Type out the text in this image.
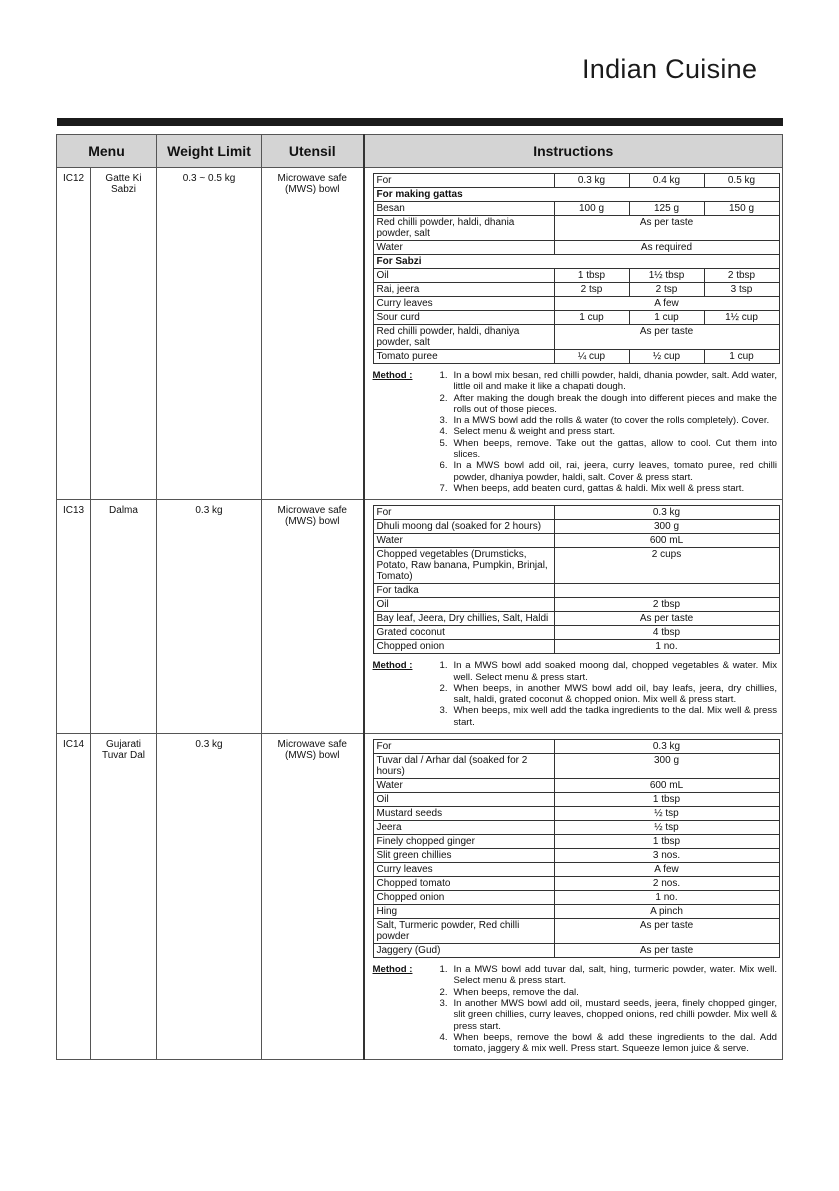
Indian Cuisine
Menu	Weight Limit	Utensil	Instructions
IC12	Gatte Ki Sabzi	0.3 ~ 0.5 kg	Microwave safe (MWS) bowl	
For	0.3 kg	0.4 kg	0.5 kg
For making gattas
Besan	100 g	125 g	150 g
Red chilli powder, haldi, dhania powder, salt	As per taste
Water	As required
For Sabzi
Oil	1 tbsp	1½ tbsp	2 tbsp
Rai, jeera	2 tsp	2 tsp	3 tsp
Curry leaves	A few
Sour curd	1 cup	1 cup	1½ cup
Red chilli powder, haldi, dhaniya powder, salt	As per taste
Tomato puree	¼ cup	½ cup	1 cup
Method :	1. In a bowl mix besan, red chilli powder, haldi, dhania powder, salt. Add water, little oil and make it like a chapati dough.
2. After making the dough break the dough into different pieces and make the rolls out of those pieces.
3. In a MWS bowl add the rolls & water (to cover the rolls completely). Cover.
4. Select menu & weight and press start.
5. When beeps, remove. Take out the gattas, allow to cool. Cut them into slices.
6. In a MWS bowl add oil, rai, jeera, curry leaves, tomato puree, red chilli powder, dhaniya powder, haldi, salt. Cover & press start.
7. When beeps, add beaten curd, gattas & haldi. Mix well & press start.

IC13	Dalma	0.3 kg	Microwave safe (MWS) bowl	
For	0.3 kg
Dhuli moong dal (soaked for 2 hours)	300 g
Water	600 mL
Chopped vegetables (Drumsticks, Potato, Raw banana, Pumpkin, Brinjal, Tomato)	2 cups
For tadka	
Oil	2 tbsp
Bay leaf, Jeera, Dry chillies, Salt, Haldi	As per taste
Grated coconut	4 tbsp
Chopped onion	1 no.
Method :	1. In a MWS bowl add soaked moong dal, chopped vegetables & water. Mix well. Select menu & press start.
2. When beeps, in another MWS bowl add oil, bay leafs, jeera, dry chillies, salt, haldi, grated coconut & chopped onion. Mix well & press start.
3. When beeps, mix well add the tadka ingredients to the dal. Mix well & press start.

IC14	Gujarati Tuvar Dal	0.3 kg	Microwave safe (MWS) bowl	
For	0.3 kg
Tuvar dal / Arhar dal (soaked for 2 hours)	300 g
Water	600 mL
Oil	1 tbsp
Mustard seeds	½ tsp
Jeera	½ tsp
Finely chopped ginger	1 tbsp
Slit green chillies	3 nos.
Curry leaves	A few
Chopped tomato	2 nos.
Chopped onion	1 no.
Hing	A pinch
Salt, Turmeric powder, Red chilli powder	As per taste
Jaggery (Gud)	As per taste
Method :	1. In a MWS bowl add tuvar dal, salt, hing, turmeric powder, water. Mix well. Select menu & press start.
2. When beeps, remove the dal.
3. In another MWS bowl add oil, mustard seeds, jeera, finely chopped ginger, slit green chillies, curry leaves, chopped onions, red chilli powder. Mix well & press start.
4. When beeps, remove the bowl & add these ingredients to the dal. Add tomato, jaggery & mix well. Press start. Squeeze lemon juice & serve.
